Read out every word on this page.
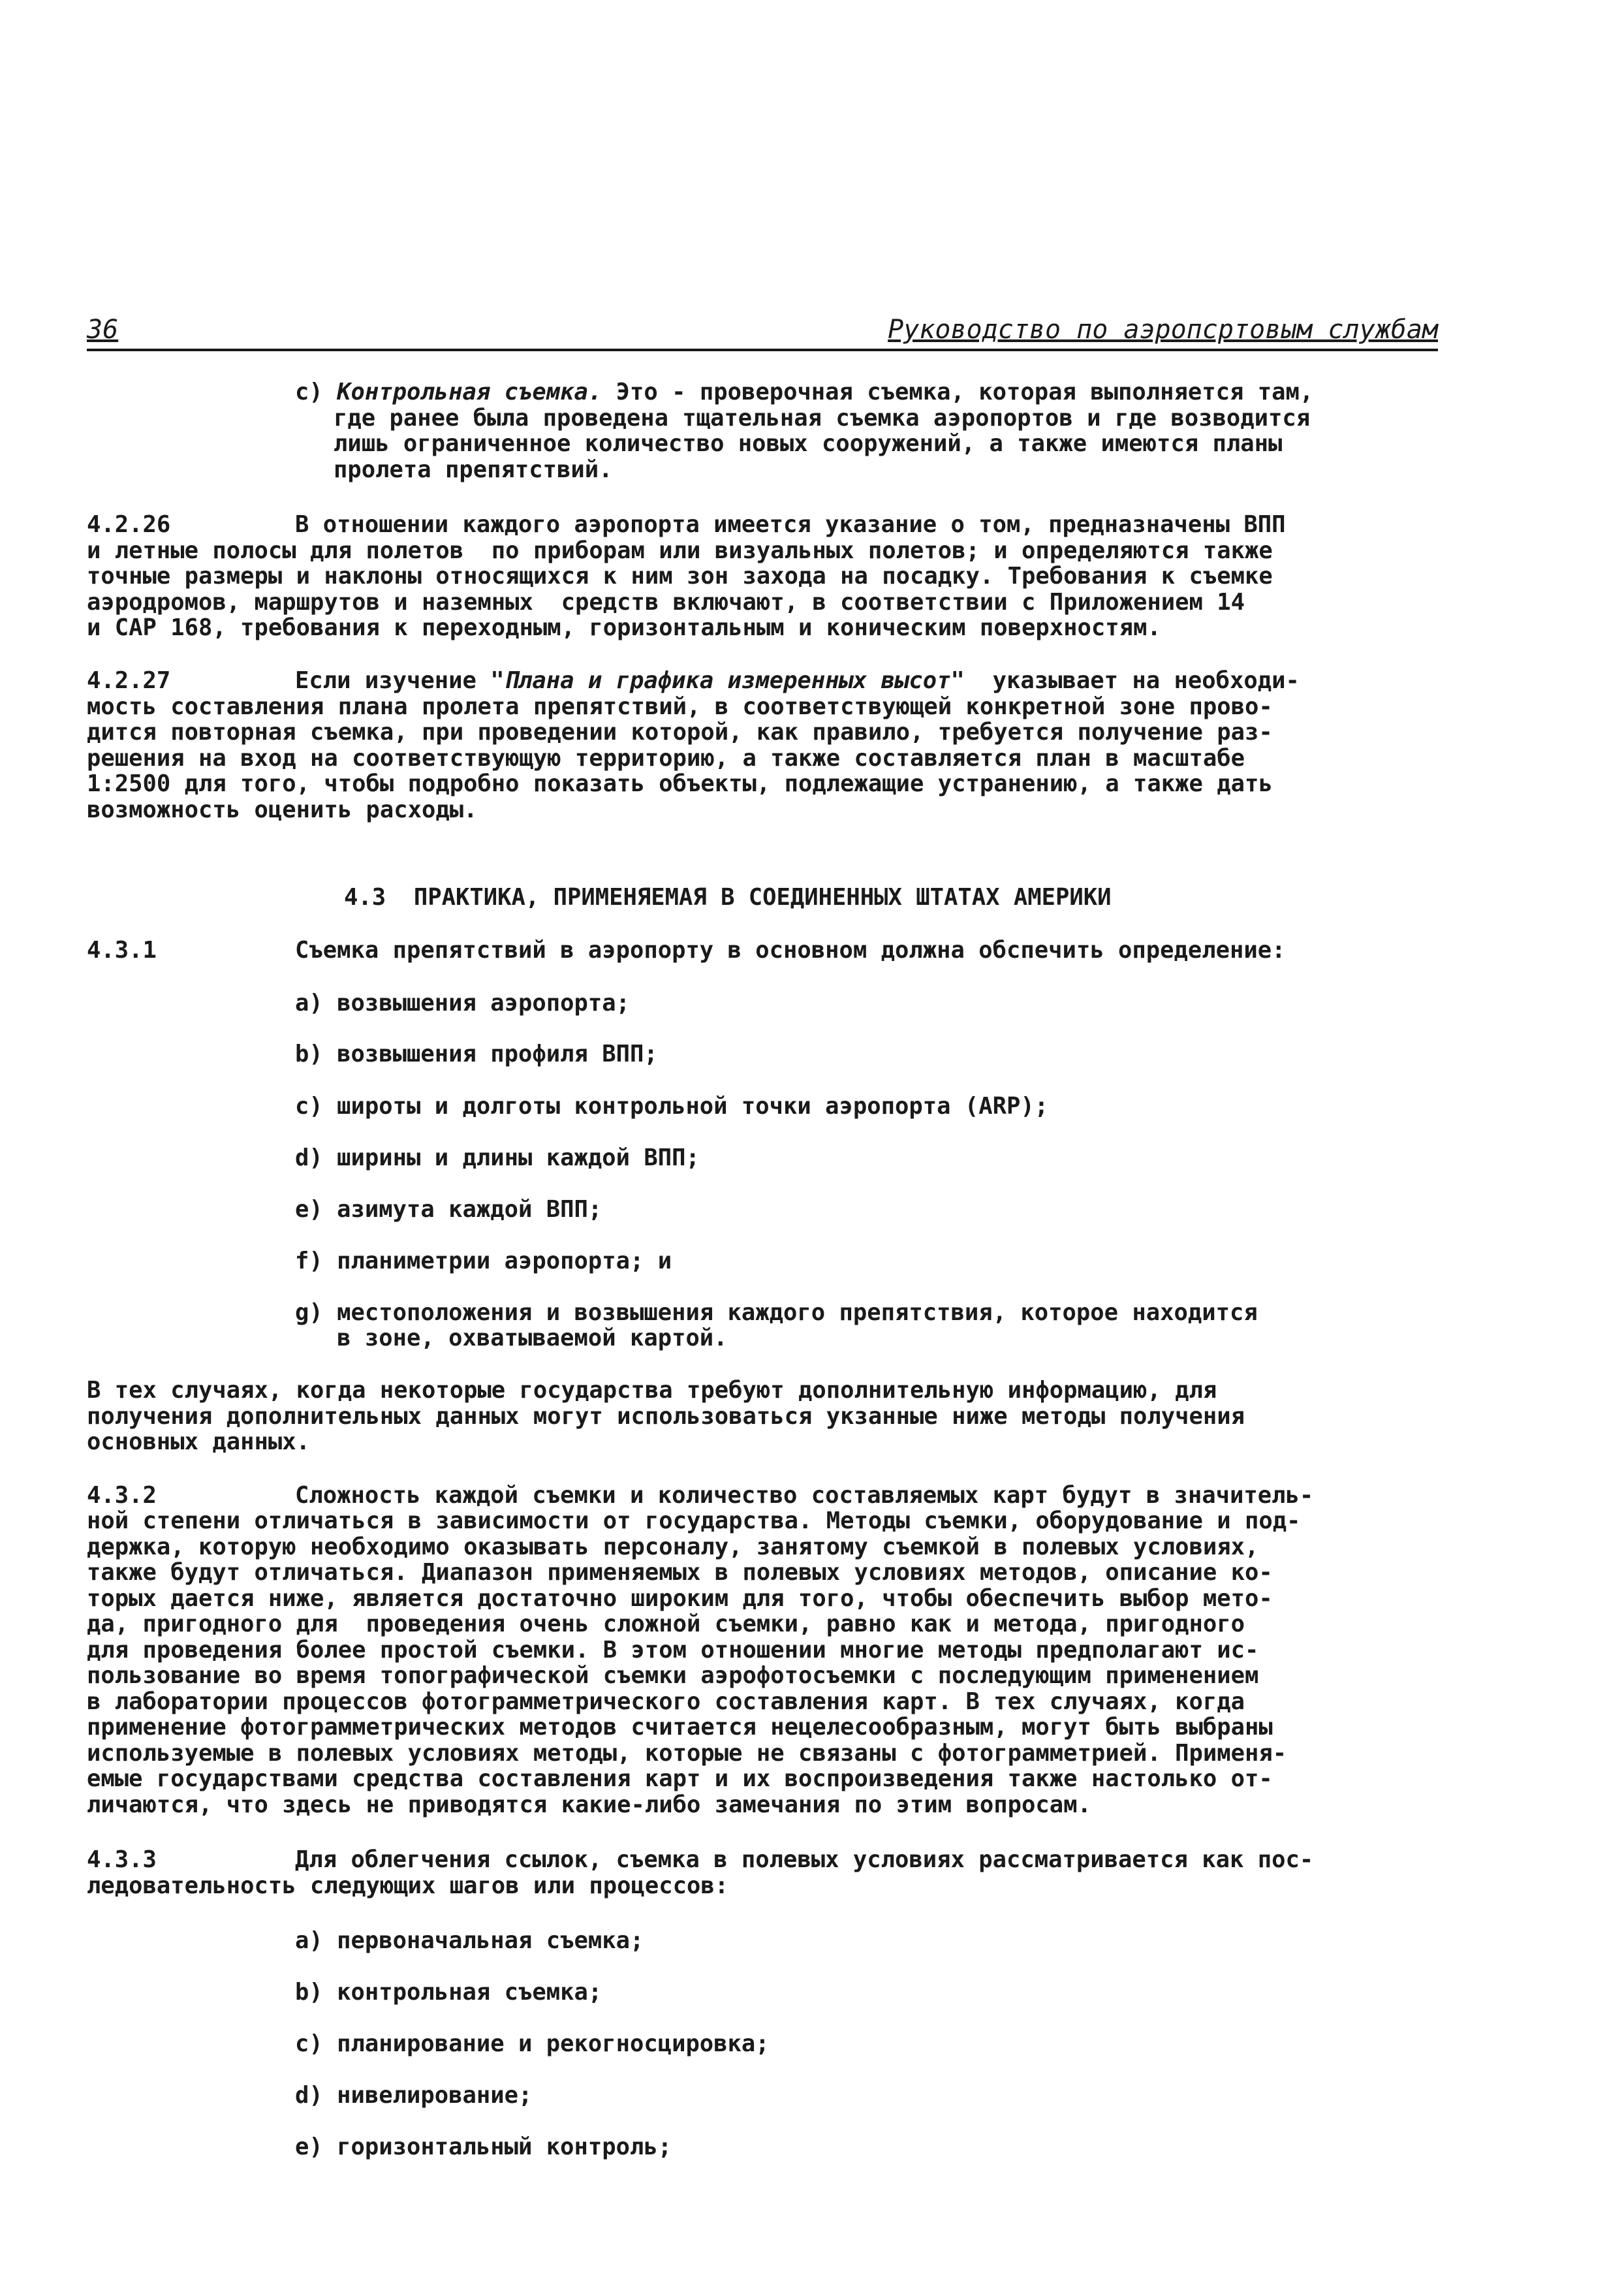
36	Руководство по аэропсртовым службам
c) Контрольная съемка. Это - проверочная съемка, которая выполняется там,
где ранее была проведена тщательная съемка аэропортов и где возводится
лишь ограниченное количество новых сооружений, а также имеются планы
пролета препятствий.
4.2.26	В отношении каждого аэропорта имеется указание о том, предназначены ВПП
и летные полосы для полетов  по приборам или визуальных полетов; и определяются также
точные размеры и наклоны относящихся к ним зон захода на посадку. Требования к съемке
аэродромов, маршрутов и наземных  средств включают, в соответствии с Приложением 14
и САР 168, требования к переходным, горизонтальным и коническим поверхностям.
4.2.27	Если изучение "Плана и графика измеренных высот"  указывает на необходи-
мость составления плана пролета препятствий, в соответствующей конкретной зоне прово-
дится повторная съемка, при проведении которой, как правило, требуется получение раз-
решения на вход на соответствующую территорию, а также составляется план в масштабе
1:2500 для того, чтобы подробно показать объекты, подлежащие устранению, а также дать
возможность оценить расходы.
4.3  ПРАКТИКА, ПРИМЕНЯЕМАЯ В СОЕДИНЕННЫХ ШТАТАХ АМЕРИКИ
4.3.1	Съемка препятствий в аэропорту в основном должна обспечить определение:
a) возвышения аэропорта;
b) возвышения профиля ВПП;
c) широты и долготы контрольной точки аэропорта (ARP);
d) ширины и длины каждой ВПП;
e) азимута каждой ВПП;
f) планиметрии аэропорта; и
g) местоположения и возвышения каждого препятствия, которое находится
в зоне, охватываемой картой.
В тех случаях, когда некоторые государства требуют дополнительную информацию, для
получения дополнительных данных могут использоваться укзанные ниже методы получения
основных данных.
4.3.2	Сложность каждой съемки и количество составляемых карт будут в значитель-
ной степени отличаться в зависимости от государства. Методы съемки, оборудование и под-
держка, которую необходимо оказывать персоналу, занятому съемкой в полевых условиях,
также будут отличаться. Диапазон применяемых в полевых условиях методов, описание ко-
торых дается ниже, является достаточно широким для того, чтобы обеспечить выбор мето-
да, пригодного для  проведения очень сложной съемки, равно как и метода, пригодного
для проведения более простой съемки. В этом отношении многие методы предполагают ис-
пользование во время топографической съемки аэрофотосъемки с последующим применением
в лаборатории процессов фотограмметрического составления карт. В тех случаях, когда
применение фотограмметрических методов считается нецелесообразным, могут быть выбраны
используемые в полевых условиях методы, которые не связаны с фотограмметрией. Применя-
емые государствами средства составления карт и их воспроизведения также настолько от-
личаются, что здесь не приводятся какие-либо замечания по этим вопросам.
4.3.3	Для облегчения ссылок, съемка в полевых условиях рассматривается как пос-
ледовательность следующих шагов или процессов:
a) первоначальная съемка;
b) контрольная съемка;
c) планирование и рекогносцировка;
d) нивелирование;
e) горизонтальный контроль;
